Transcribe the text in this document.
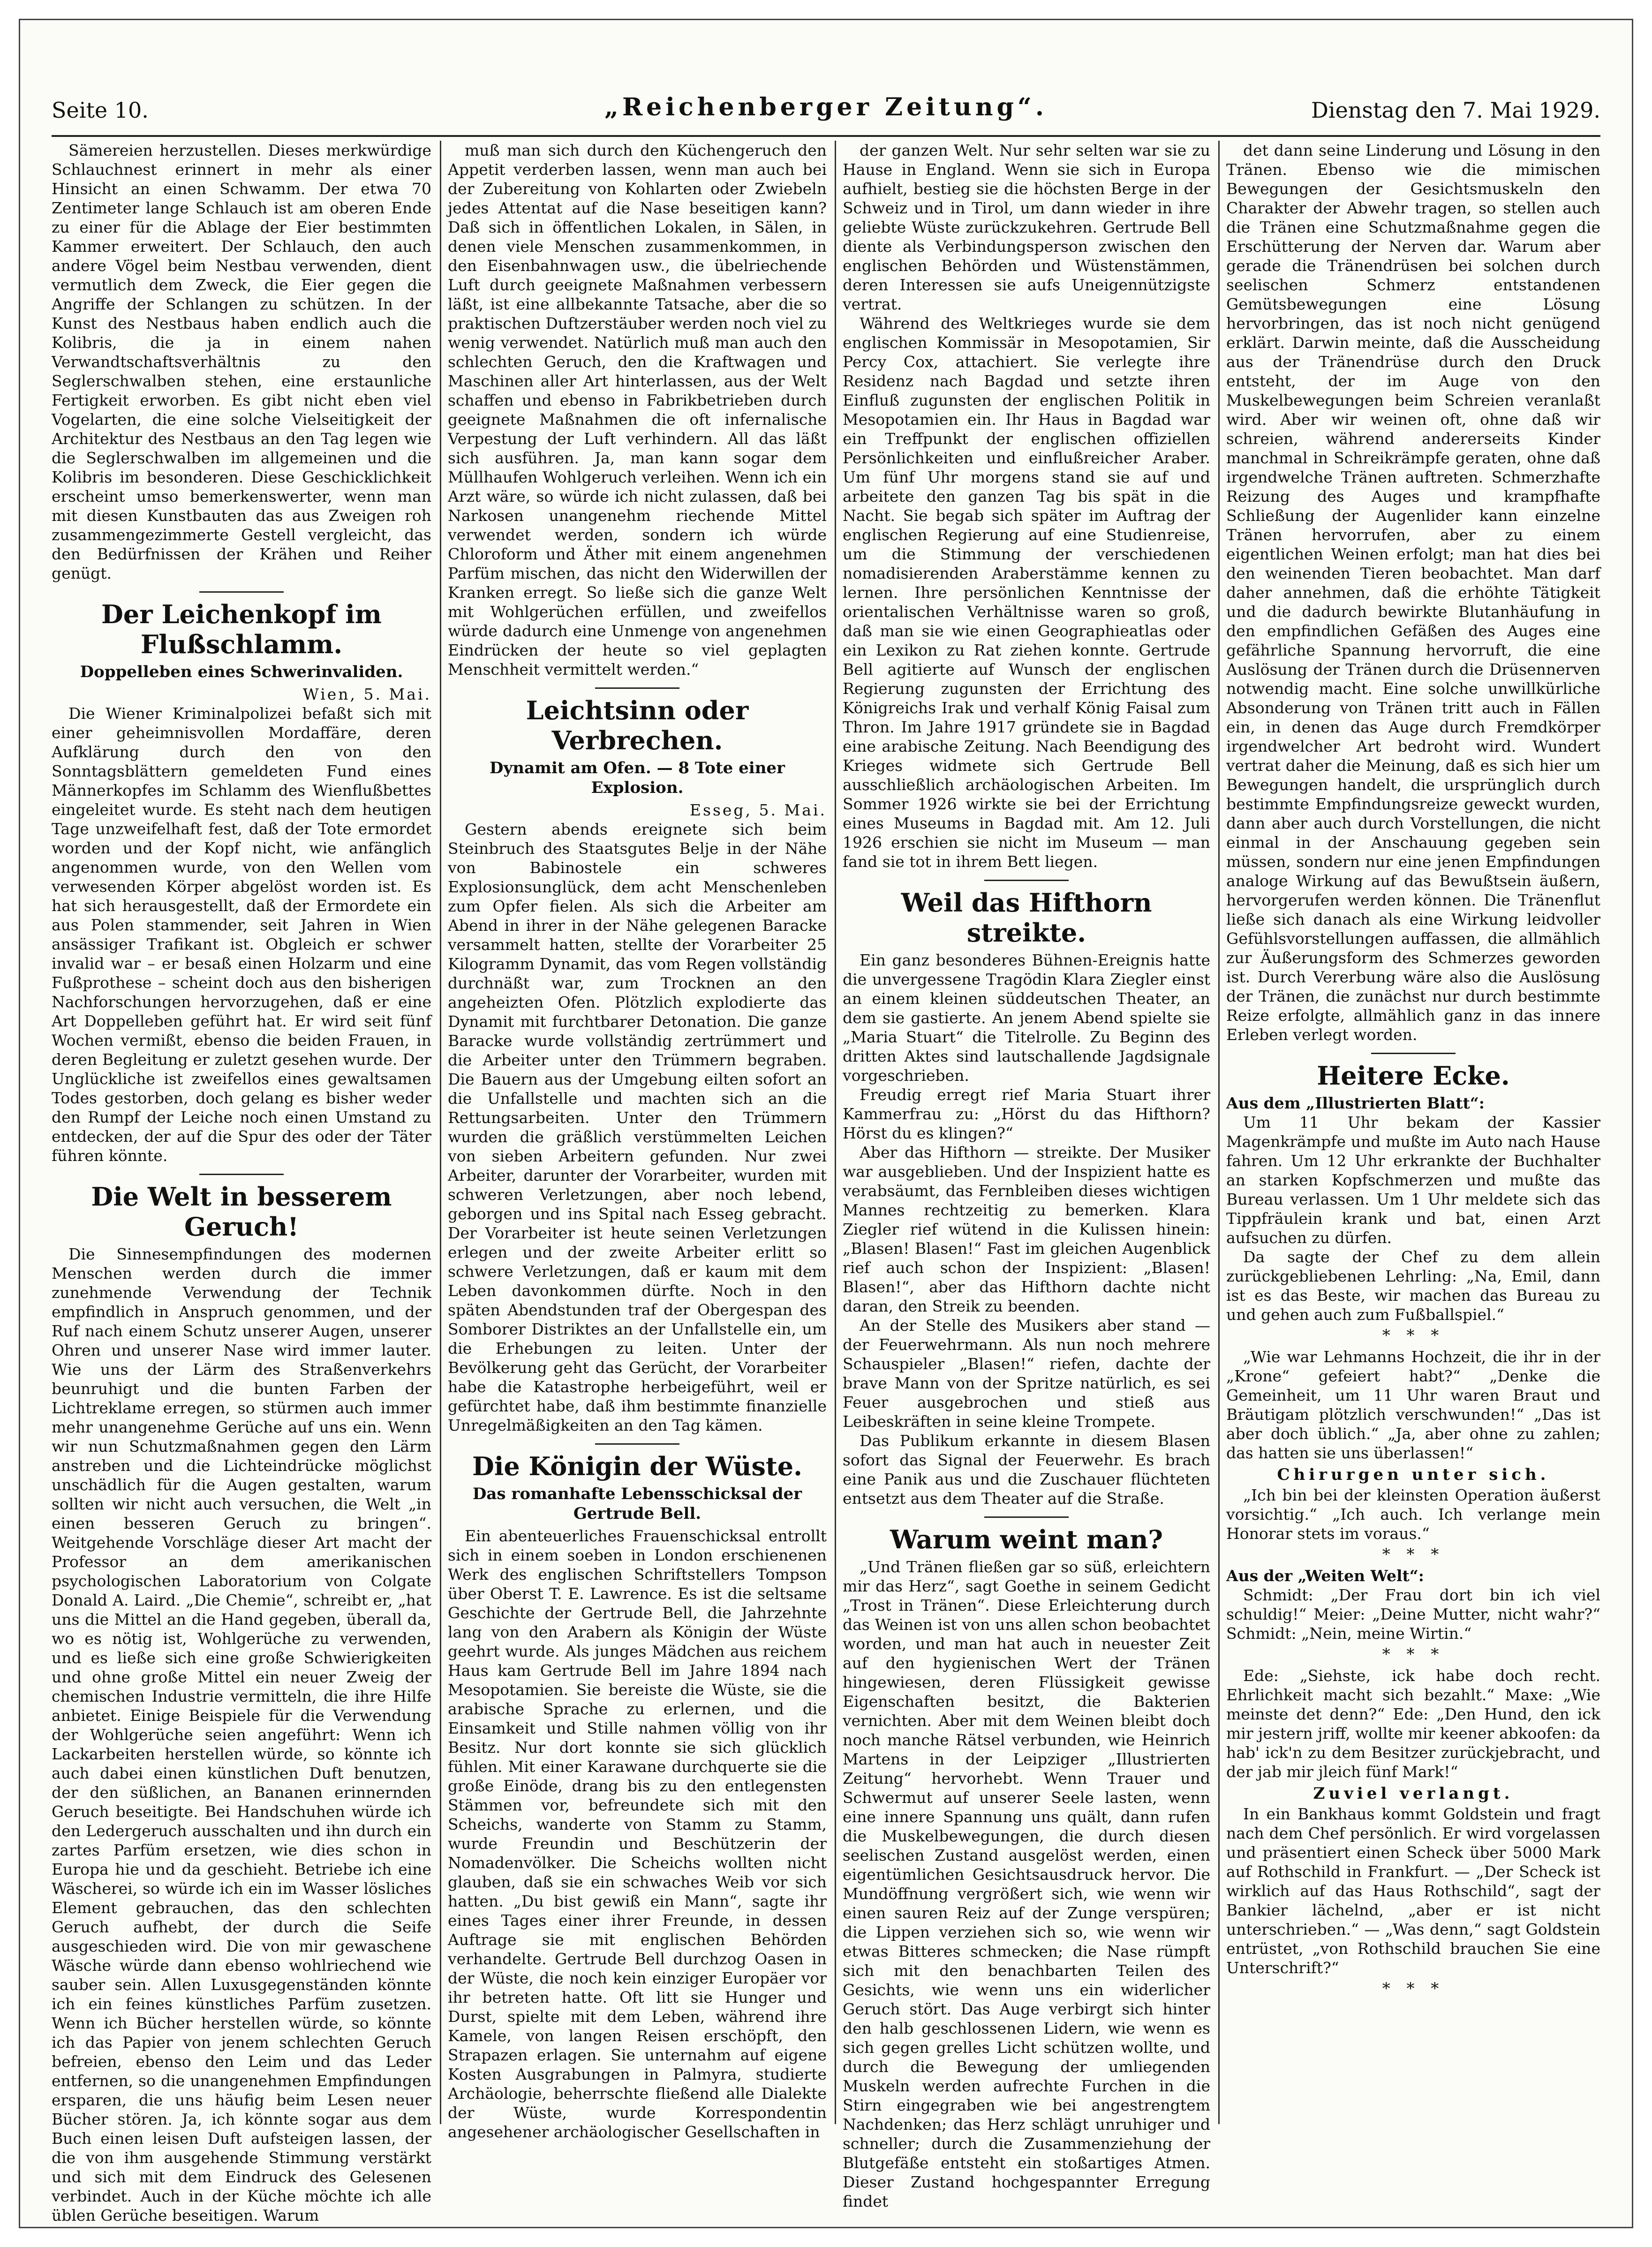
Seite 10.	„Reichenberger Zeitung“.	Dienstag den 7. Mai 1929.

Sämereien herzustellen. Dieses merkwürdige Schlauchnest erinnert in mehr als einer Hinsicht an einen Schwamm. Der etwa 70 Zentimeter lange Schlauch ist am oberen Ende zu einer für die Ablage der Eier bestimmten Kammer erweitert. Der Schlauch, den auch andere Vögel beim Nestbau verwenden, dient vermutlich dem Zweck, die Eier gegen die Angriffe der Schlangen zu schützen. In der Kunst des Nestbaus haben endlich auch die Kolibris, die ja in einem nahen Verwandtschaftsverhältnis zu den Seglerschwalben stehen, eine erstaunliche Fertigkeit erworben. Es gibt nicht eben viel Vogelarten, die eine solche Vielseitigkeit der Architektur des Nestbaus an den Tag legen wie die Seglerschwalben im allgemeinen und die Kolibris im besonderen. Diese Geschicklichkeit erscheint umso bemerkenswerter, wenn man mit diesen Kunstbauten das aus Zweigen roh zusammengezimmerte Gestell vergleicht, das den Bedürfnissen der Krähen und Reiher genügt.

Der Leichenkopf im Flußschlamm.
Doppelleben eines Schwerinvaliden.
Wien, 5. Mai.

Die Wiener Kriminalpolizei befaßt sich mit einer geheimnisvollen Mordaffäre, deren Aufklärung durch den von den Sonntagsblättern gemeldeten Fund eines Männerkopfes im Schlamm des Wienflußbettes eingeleitet wurde. Es steht nach dem heutigen Tage unzweifelhaft fest, daß der Tote ermordet worden und der Kopf nicht, wie anfänglich angenommen wurde, von den Wellen vom verwesenden Körper abgelöst worden ist. Es hat sich herausgestellt, daß der Ermordete ein aus Polen stammender, seit Jahren in Wien ansässiger Trafikant ist. Obgleich er schwer invalid war – er besaß einen Holzarm und eine Fußprothese – scheint doch aus den bisherigen Nachforschungen hervorzugehen, daß er eine Art Doppelleben geführt hat. Er wird seit fünf Wochen vermißt, ebenso die beiden Frauen, in deren Begleitung er zuletzt gesehen wurde. Der Unglückliche ist zweifellos eines gewaltsamen Todes gestorben, doch gelang es bisher weder den Rumpf der Leiche noch einen Umstand zu entdecken, der auf die Spur des oder der Täter führen könnte.

Die Welt in besserem Geruch!

Die Sinnesempfindungen des modernen Menschen werden durch die immer zunehmende Verwendung der Technik empfindlich in Anspruch genommen, und der Ruf nach einem Schutz unserer Augen, unserer Ohren und unserer Nase wird immer lauter. Wie uns der Lärm des Straßenverkehrs beunruhigt und die bunten Farben der Lichtreklame erregen, so stürmen auch immer mehr unangenehme Gerüche auf uns ein. Wenn wir nun Schutzmaßnahmen gegen den Lärm anstreben und die Lichteindrücke möglichst unschädlich für die Augen gestalten, warum sollten wir nicht auch versuchen, die Welt „in einen besseren Geruch zu bringen“. Weitgehende Vorschläge dieser Art macht der Professor an dem amerikanischen psychologischen Laboratorium von Colgate Donald A. Laird. „Die Chemie“, schreibt er, „hat uns die Mittel an die Hand gegeben, überall da, wo es nötig ist, Wohlgerüche zu verwenden, und es ließe sich eine große Schwierigkeiten und ohne große Mittel ein neuer Zweig der chemischen Industrie vermitteln, die ihre Hilfe anbietet. Einige Beispiele für die Verwendung der Wohlgerüche seien angeführt: Wenn ich Lackarbeiten herstellen würde, so könnte ich auch dabei einen künstlichen Duft benutzen, der den süßlichen, an Bananen erinnernden Geruch beseitigte. Bei Handschuhen würde ich den Ledergeruch ausschalten und ihn durch ein zartes Parfüm ersetzen, wie dies schon in Europa hie und da geschieht. Betriebe ich eine Wäscherei, so würde ich ein im Wasser lösliches Element gebrauchen, das den schlechten Geruch aufhebt, der durch die Seife ausgeschieden wird. Die von mir gewaschene Wäsche würde dann ebenso wohlriechend wie sauber sein. Allen Luxusgegenständen könnte ich ein feines künstliches Parfüm zusetzen. Wenn ich Bücher herstellen würde, so könnte ich das Papier von jenem schlechten Geruch befreien, ebenso den Leim und das Leder entfernen, so die unangenehmen Empfindungen ersparen, die uns häufig beim Lesen neuer Bücher stören. Ja, ich könnte sogar aus dem Buch einen leisen Duft aufsteigen lassen, der die von ihm ausgehende Stimmung verstärkt und sich mit dem Eindruck des Gelesenen verbindet. Auch in der Küche möchte ich alle üblen Gerüche beseitigen. Warum

muß man sich durch den Küchengeruch den Appetit verderben lassen, wenn man auch bei der Zubereitung von Kohlarten oder Zwiebeln jedes Attentat auf die Nase beseitigen kann? Daß sich in öffentlichen Lokalen, in Sälen, in denen viele Menschen zusammenkommen, in den Eisenbahnwagen usw., die übelriechende Luft durch geeignete Maßnahmen verbessern läßt, ist eine allbekannte Tatsache, aber die so praktischen Duftzerstäuber werden noch viel zu wenig verwendet. Natürlich muß man auch den schlechten Geruch, den die Kraftwagen und Maschinen aller Art hinterlassen, aus der Welt schaffen und ebenso in Fabrikbetrieben durch geeignete Maßnahmen die oft infernalische Verpestung der Luft verhindern. All das läßt sich ausführen. Ja, man kann sogar dem Müllhaufen Wohlgeruch verleihen. Wenn ich ein Arzt wäre, so würde ich nicht zulassen, daß bei Narkosen unangenehm riechende Mittel verwendet werden, sondern ich würde Chloroform und Äther mit einem angenehmen Parfüm mischen, das nicht den Widerwillen der Kranken erregt. So ließe sich die ganze Welt mit Wohlgerüchen erfüllen, und zweifellos würde dadurch eine Unmenge von angenehmen Eindrücken der heute so viel geplagten Menschheit vermittelt werden.“

Leichtsinn oder Verbrechen.
Dynamit am Ofen. — 8 Tote einer Explosion.
Esseg, 5. Mai.

Gestern abends ereignete sich beim Steinbruch des Staatsgutes Belje in der Nähe von Babinostele ein schweres Explosionsunglück, dem acht Menschenleben zum Opfer fielen. Als sich die Arbeiter am Abend in ihrer in der Nähe gelegenen Baracke versammelt hatten, stellte der Vorarbeiter 25 Kilogramm Dynamit, das vom Regen vollständig durchnäßt war, zum Trocknen an den angeheizten Ofen. Plötzlich explodierte das Dynamit mit furchtbarer Detonation. Die ganze Baracke wurde vollständig zertrümmert und die Arbeiter unter den Trümmern begraben. Die Bauern aus der Umgebung eilten sofort an die Unfallstelle und machten sich an die Rettungsarbeiten. Unter den Trümmern wurden die gräßlich verstümmelten Leichen von sieben Arbeitern gefunden. Nur zwei Arbeiter, darunter der Vorarbeiter, wurden mit schweren Verletzungen, aber noch lebend, geborgen und ins Spital nach Esseg gebracht. Der Vorarbeiter ist heute seinen Verletzungen erlegen und der zweite Arbeiter erlitt so schwere Verletzungen, daß er kaum mit dem Leben davonkommen dürfte. Noch in den späten Abendstunden traf der Obergespan des Somborer Distriktes an der Unfallstelle ein, um die Erhebungen zu leiten. Unter der Bevölkerung geht das Gerücht, der Vorarbeiter habe die Katastrophe herbeigeführt, weil er gefürchtet habe, daß ihm bestimmte finanzielle Unregelmäßigkeiten an den Tag kämen.

Die Königin der Wüste.
Das romanhafte Lebensschicksal der Gertrude Bell.

Ein abenteuerliches Frauenschicksal entrollt sich in einem soeben in London erschienenen Werk des englischen Schriftstellers Tompson über Oberst T. E. Lawrence. Es ist die seltsame Geschichte der Gertrude Bell, die Jahrzehnte lang von den Arabern als Königin der Wüste geehrt wurde. Als junges Mädchen aus reichem Haus kam Gertrude Bell im Jahre 1894 nach Mesopotamien. Sie bereiste die Wüste, sie die arabische Sprache zu erlernen, und die Einsamkeit und Stille nahmen völlig von ihr Besitz. Nur dort konnte sie sich glücklich fühlen. Mit einer Karawane durchquerte sie die große Einöde, drang bis zu den entlegensten Stämmen vor, befreundete sich mit den Scheichs, wanderte von Stamm zu Stamm, wurde Freundin und Beschützerin der Nomadenvölker. Die Scheichs wollten nicht glauben, daß sie ein schwaches Weib vor sich hatten. „Du bist gewiß ein Mann“, sagte ihr eines Tages einer ihrer Freunde, in dessen Auftrage sie mit englischen Behörden verhandelte. Gertrude Bell durchzog Oasen in der Wüste, die noch kein einziger Europäer vor ihr betreten hatte. Oft litt sie Hunger und Durst, spielte mit dem Leben, während ihre Kamele, von langen Reisen erschöpft, den Strapazen erlagen. Sie unternahm auf eigene Kosten Ausgrabungen in Palmyra, studierte Archäologie, beherrschte fließend alle Dialekte der Wüste, wurde Korrespondentin angesehener archäologischer Gesellschaften in

der ganzen Welt. Nur sehr selten war sie zu Hause in England. Wenn sie sich in Europa aufhielt, bestieg sie die höchsten Berge in der Schweiz und in Tirol, um dann wieder in ihre geliebte Wüste zurückzukehren. Gertrude Bell diente als Verbindungsperson zwischen den englischen Behörden und Wüstenstämmen, deren Interessen sie aufs Uneigennützigste vertrat.

Während des Weltkrieges wurde sie dem englischen Kommissär in Mesopotamien, Sir Percy Cox, attachiert. Sie verlegte ihre Residenz nach Bagdad und setzte ihren Einfluß zugunsten der englischen Politik in Mesopotamien ein. Ihr Haus in Bagdad war ein Treffpunkt der englischen offiziellen Persönlichkeiten und einflußreicher Araber. Um fünf Uhr morgens stand sie auf und arbeitete den ganzen Tag bis spät in die Nacht. Sie begab sich später im Auftrag der englischen Regierung auf eine Studienreise, um die Stimmung der verschiedenen nomadisierenden Araberstämme kennen zu lernen. Ihre persönlichen Kenntnisse der orientalischen Verhältnisse waren so groß, daß man sie wie einen Geographieatlas oder ein Lexikon zu Rat ziehen konnte. Gertrude Bell agitierte auf Wunsch der englischen Regierung zugunsten der Errichtung des Königreichs Irak und verhalf König Faisal zum Thron. Im Jahre 1917 gründete sie in Bagdad eine arabische Zeitung. Nach Beendigung des Krieges widmete sich Gertrude Bell ausschließlich archäologischen Arbeiten. Im Sommer 1926 wirkte sie bei der Errichtung eines Museums in Bagdad mit. Am 12. Juli 1926 erschien sie nicht im Museum — man fand sie tot in ihrem Bett liegen.

Weil das Hifthorn streikte.

Ein ganz besonderes Bühnen-Ereignis hatte die unvergessene Tragödin Klara Ziegler einst an einem kleinen süddeutschen Theater, an dem sie gastierte. An jenem Abend spielte sie „Maria Stuart“ die Titelrolle. Zu Beginn des dritten Aktes sind lautschallende Jagdsignale vorgeschrieben.

Freudig erregt rief Maria Stuart ihrer Kammerfrau zu: „Hörst du das Hifthorn? Hörst du es klingen?“

Aber das Hifthorn — streikte. Der Musiker war ausgeblieben. Und der Inspizient hatte es verabsäumt, das Fernbleiben dieses wichtigen Mannes rechtzeitig zu bemerken. Klara Ziegler rief wütend in die Kulissen hinein: „Blasen! Blasen!“ Fast im gleichen Augenblick rief auch schon der Inspizient: „Blasen! Blasen!“, aber das Hifthorn dachte nicht daran, den Streik zu beenden.

An der Stelle des Musikers aber stand — der Feuerwehrmann. Als nun noch mehrere Schauspieler „Blasen!“ riefen, dachte der brave Mann von der Spritze natürlich, es sei Feuer ausgebrochen und stieß aus Leibeskräften in seine kleine Trompete.

Das Publikum erkannte in diesem Blasen sofort das Signal der Feuerwehr. Es brach eine Panik aus und die Zuschauer flüchteten entsetzt aus dem Theater auf die Straße.

Warum weint man?

„Und Tränen fließen gar so süß, erleichtern mir das Herz“, sagt Goethe in seinem Gedicht „Trost in Tränen“. Diese Erleichterung durch das Weinen ist von uns allen schon beobachtet worden, und man hat auch in neuester Zeit auf den hygienischen Wert der Tränen hingewiesen, deren Flüssigkeit gewisse Eigenschaften besitzt, die Bakterien vernichten. Aber mit dem Weinen bleibt doch noch manche Rätsel verbunden, wie Heinrich Martens in der Leipziger „Illustrierten Zeitung“ hervorhebt. Wenn Trauer und Schwermut auf unserer Seele lasten, wenn eine innere Spannung uns quält, dann rufen die Muskelbewegungen, die durch diesen seelischen Zustand ausgelöst werden, einen eigentümlichen Gesichtsausdruck hervor. Die Mundöffnung vergrößert sich, wie wenn wir einen sauren Reiz auf der Zunge verspüren; die Lippen verziehen sich so, wie wenn wir etwas Bitteres schmecken; die Nase rümpft sich mit den benachbarten Teilen des Gesichts, wie wenn uns ein widerlicher Geruch stört. Das Auge verbirgt sich hinter den halb geschlossenen Lidern, wie wenn es sich gegen grelles Licht schützen wollte, und durch die Bewegung der umliegenden Muskeln werden aufrechte Furchen in die Stirn eingegraben wie bei angestrengtem Nachdenken; das Herz schlägt unruhiger und schneller; durch die Zusammenziehung der Blutgefäße entsteht ein stoßartiges Atmen. Dieser Zustand hochgespannter Erregung findet

det dann seine Linderung und Lösung in den Tränen. Ebenso wie die mimischen Bewegungen der Gesichtsmuskeln den Charakter der Abwehr tragen, so stellen auch die Tränen eine Schutzmaßnahme gegen die Erschütterung der Nerven dar. Warum aber gerade die Tränendrüsen bei solchen durch seelischen Schmerz entstandenen Gemütsbewegungen eine Lösung hervorbringen, das ist noch nicht genügend erklärt. Darwin meinte, daß die Ausscheidung aus der Tränendrüse durch den Druck entsteht, der im Auge von den Muskelbewegungen beim Schreien veranlaßt wird. Aber wir weinen oft, ohne daß wir schreien, während andererseits Kinder manchmal in Schreikrämpfe geraten, ohne daß irgendwelche Tränen auftreten. Schmerzhafte Reizung des Auges und krampfhafte Schließung der Augenlider kann einzelne Tränen hervorrufen, aber zu einem eigentlichen Weinen erfolgt; man hat dies bei den weinenden Tieren beobachtet. Man darf daher annehmen, daß die erhöhte Tätigkeit und die dadurch bewirkte Blutanhäufung in den empfindlichen Gefäßen des Auges eine gefährliche Spannung hervorruft, die eine Auslösung der Tränen durch die Drüsennerven notwendig macht. Eine solche unwillkürliche Absonderung von Tränen tritt auch in Fällen ein, in denen das Auge durch Fremdkörper irgendwelcher Art bedroht wird. Wundert vertrat daher die Meinung, daß es sich hier um Bewegungen handelt, die ursprünglich durch bestimmte Empfindungsreize geweckt wurden, dann aber auch durch Vorstellungen, die nicht einmal in der Anschauung gegeben sein müssen, sondern nur eine jenen Empfindungen analoge Wirkung auf das Bewußtsein äußern, hervorgerufen werden können. Die Tränenflut ließe sich danach als eine Wirkung leidvoller Gefühlsvorstellungen auffassen, die allmählich zur Äußerungsform des Schmerzes geworden ist. Durch Vererbung wäre also die Auslösung der Tränen, die zunächst nur durch bestimmte Reize erfolgte, allmählich ganz in das innere Erleben verlegt worden.

Heitere Ecke.

Aus dem „Illustrierten Blatt“:

Um 11 Uhr bekam der Kassier Magenkrämpfe und mußte im Auto nach Hause fahren. Um 12 Uhr erkrankte der Buchhalter an starken Kopfschmerzen und mußte das Bureau verlassen. Um 1 Uhr meldete sich das Tippfräulein krank und bat, einen Arzt aufsuchen zu dürfen.

Da sagte der Chef zu dem allein zurückgebliebenen Lehrling: „Na, Emil, dann ist es das Beste, wir machen das Bureau zu und gehen auch zum Fußballspiel.“

* * *

„Wie war Lehmanns Hochzeit, die ihr in der „Krone“ gefeiert habt?“ „Denke die Gemeinheit, um 11 Uhr waren Braut und Bräutigam plötzlich verschwunden!“ „Das ist aber doch üblich.“ „Ja, aber ohne zu zahlen; das hatten sie uns überlassen!“

Chirurgen unter sich.

„Ich bin bei der kleinsten Operation äußerst vorsichtig.“ „Ich auch. Ich verlange mein Honorar stets im voraus.“

* * *

Aus der „Weiten Welt“:

Schmidt: „Der Frau dort bin ich viel schuldig!“ Meier: „Deine Mutter, nicht wahr?“ Schmidt: „Nein, meine Wirtin.“

* * *

Ede: „Siehste, ick habe doch recht. Ehrlichkeit macht sich bezahlt.“ Maxe: „Wie meinste det denn?“ Ede: „Den Hund, den ick mir jestern jriff, wollte mir keener abkoofen: da hab' ick'n zu dem Besitzer zurückjebracht, und der jab mir jleich fünf Mark!“

Zuviel verlangt.

In ein Bankhaus kommt Goldstein und fragt nach dem Chef persönlich. Er wird vorgelassen und präsentiert einen Scheck über 5000 Mark auf Rothschild in Frankfurt. — „Der Scheck ist wirklich auf das Haus Rothschild“, sagt der Bankier lächelnd, „aber er ist nicht unterschrieben.“ — „Was denn,“ sagt Goldstein entrüstet, „von Rothschild brauchen Sie eine Unterschrift?“

* * *
